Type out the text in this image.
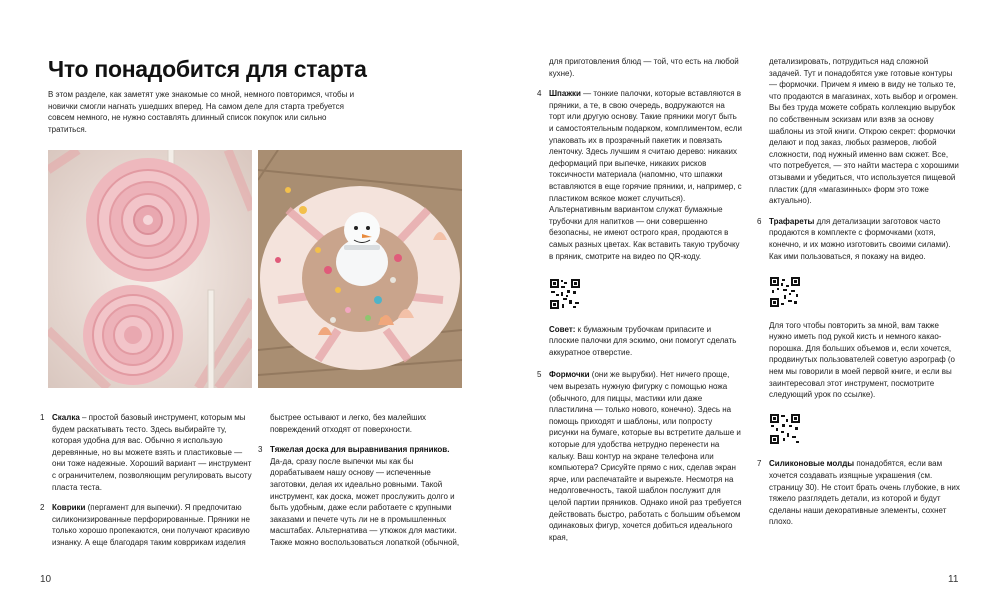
Что понадобится для старта
В этом разделе, как заметят уже знакомые со мной, немного повторимся, чтобы и новички смогли нагнать ушедших вперед. На самом деле для старта требуется совсем немного, не нужно составлять длинный список покупок или сильно тратиться.
1 Скалка – простой базовый инструмент, которым мы будем раскатывать тесто. Здесь выбирайте ту, которая удобна для вас. Обычно я использую деревянные, но вы можете взять и пластиковые — они тоже надежные. Хороший вариант — инструмент с ограничителем, позволяющим регулировать высоту пласта теста.
2 Коврики (пергамент для выпечки). Я предпочитаю силиконизированные перфорированные. Пряники не только хорошо пропекаются, они получают красивую изнанку. А еще благодаря таким ковррикам изделия
быстрее остывают и легко, без малейших повреждений отходят от поверхности.
3 Тяжелая доска для выравнивания пряников. Да-да, сразу после выпечки мы как бы дорабатываем нашу основу — испеченные заготовки, делая их идеально ровными. Такой инструмент, как доска, может прослужить долго и быть удобным, даже если работаете с крупными заказами и печете чуть ли не в промышленных масштабах. Альтернатива — утюжок для мастики. Также можно воспользоваться лопаткой (обычной,
10
для приготовления блюд — той, что есть на любой кухне).
4 Шпажки — тонкие палочки, которые вставляются в пряники, а те, в свою очередь, водружаются на торт или другую основу. Такие пряники могут быть и самостоятельным подарком, комплиментом, если упаковать их в прозрачный пакетик и повязать ленточку. Здесь лучшим я считаю дерево: никаких деформаций при выпечке, никаких рисков токсичности материала (напомню, что шпажки вставляются в еще горячие пряники, и, например, с пластиком всякое может случиться). Альтернативным вариантом служат бумажные трубочки для напитков — они совершенно безопасны, не имеют острого края, продаются в самых разных цветах. Как вставить такую трубочку в пряник, смотрите на видео по QR-коду.
Совет: к бумажным трубочкам припасите и плоские палочки для эскимо, они помогут сделать аккуратное отверстие.
5 Формочки (они же вырубки). Нет ничего проще, чем вырезать нужную фигурку с помощью ножа (обычного, для пиццы, мастики или даже пластилина — только нового, конечно). Здесь на помощь приходят и шаблоны, или попросту рисунки на бумаге, которые вы встретите дальше и которые для удобства нетрудно перенести на кальку. Ваш контур на экране телефона или компьютера? Срисуйте прямо с них, сделав экран ярче, или распечатайте и вырежьте. Несмотря на недолговечность, такой шаблон послужит для целой партии пряников. Однако иной раз требуется действовать быстро, работать с большим объемом одинаковых фигур, хочется добиться идеального края,
детализировать, потрудиться над сложной задачей. Тут и понадобятся уже готовые контуры — формочки. Причем я имею в виду не только те, что продаются в магазинах, хоть выбор и огромен. Вы без труда можете собрать коллекцию вырубок по собственным эскизам или взяв за основу шаблоны из этой книги. Открою секрет: формочки делают и под заказ, любых размеров, любой сложности, под нужный именно вам сюжет. Все, что потребуется, — это найти мастера с хорошими отзывами и убедиться, что используется пищевой пластик (для «магазинных» форм это тоже актуально).
6 Трафареты для детализации заготовок часто продаются в комплекте с формочками (хотя, конечно, и их можно изготовить своими силами). Как ими пользоваться, я покажу на видео.
Для того чтобы повторить за мной, вам также нужно иметь под рукой кисть и немного какао-порошка. Для больших объемов и, если хочется, продвинутых пользователей советую аэрограф (о нем мы говорили в моей первой книге, и если вы заинтересовал этот инструмент, посмотрите следующий урок по ссылке).
7 Силиконовые молды понадобятся, если вам хочется создавать изящные украшения (см. страницу 30). Не стоит брать очень глубокие, в них тяжело разглядеть детали, из которой и будут сделаны наши декоративные элементы, сохнет плохо.
11
